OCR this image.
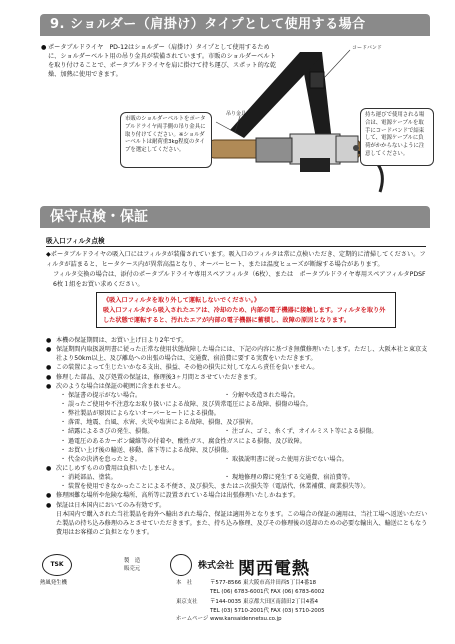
9. ショルダー（肩掛け）タイプとして使用する場合
● ポータブルドライヤ　PD-12はショルダー（肩掛け）タイプとして使用するために、ショルダーベルト用の吊り金具が装備されています。市販のショルダーベルトを取り付けることで、ポータブルドライヤを肩に掛けて持ち運び、スポット的な乾燥、加熱に使用できます。
コードバンド
吊り金具
市販のショルダーベルトをポータブルドライヤ両手側の吊り金具に取り付けてください。※ショルダーベルトは耐荷重3kg程度のタイプを選定してください。
持ち運びで使用される場合は、電源ケーブルを取手にコードバンドで結束して、電源ケーブルに負荷がかからないように注意してください。
保守点検・保証
吸入口フィルタ点検
◆ポータブルドライヤの吸入口にはフィルタが装備されています。吸入口のフィルタは常に点検いただき、定期的に清掃してください。フィルタが詰まると、ヒータケース内が異常高温となり、オーバーヒート、または温度ヒューズが断線する場合があります。
フィルタ交換の場合は、添付のポータブルドライヤ専用スペアフィルタ（6枚）、または　ポータブルドライヤ専用スペアフィルタPDSF　6枚１組をお買い求めください。
《吸入口フィルタを取り外して運転しないでください。》
吸入口フィルタから吸入されたエアは、冷却のため、内部の電子機器に接触します。フィルタを取り外した状態で運転すると、汚れたエアが内部の電子機器に蓄積し、故障の原因となります。
● 本機の保証期間は、お買い上げ日より2年です。
● 保証期間内取扱説明書に従った正常な使用状態故障した場合には、下記の内容に基づき無償修理いたします。ただし、大阪本社と東京支社より50km以上、及び離島への出張の場合は、交通費、宿泊費に要する実費をいただきます。
● この装置によって生じたいかなる支出、損益、その他の損失に対してなんら責任を負いません。
● 修理した部品、及び処置の保証は、修理後3ヶ月間とさせていただきます。
● 次のような場合は保証の範囲に含まれません。
・ 保証書の提示がない場合。	・ 分解や改造された場合。
・ 誤ったご使用や不注意なお取り扱いによる故障、及び異常電圧による故障、損傷の場合。
・ 弊社製品が原因によらないオーバーヒートによる損傷。
・ 落雷、地震、台風、水害、火災や塩害による故障、損傷、及び損害。
・ 結露によるさびの発生、損傷。	・ 注ゴム、ゴミ、糸くず、オイルミスト等による損傷。
・ 過電圧のあるカーボン繊維等の付着や、酸性ガス、腐食性ガスによる損傷、及び故障。
・ お買い上げ後の輸送、移動、落下等による故障、及び損傷。
・ 代金の決済を怠ったとき。	・ 取扱説明書に従った使用方法でない場合。
● 次にしめすものの費用は負担いたしません。
・ 消耗部品、塗装。	・ 現地修理の際に発生する交通費、宿泊費等。
・ 装置を使用できなかったことによる不便さ、及び損失、またはニ次損失等（電話代、休業補償、商業損失等）。
● 修理困難な場所や危険な場所、高所等に設置されている場合は出張修理いたしかねます。
● 保証は日本国内においてのみ有効です。
日本国内で購入された当社製品を海外へ輸出された場合、保証は適用外となります。この場合の保証の適用は、当社工場へ返送いただいた製品の持ち込み修理のみとさせていただきます。また、持ち込み修理、及びその修理後の返却のための必要な輸出入、輸送にともなう費用はお客様のご負担となります。
TSK
熱風発生機
製　造
販売元	株式会社 関西電熱
本　社	〒577-8566 東大阪市高井田西5丁目4番18
TEL (06) 6783-6001代 FAX (06) 6783-6002
東京支社 〒144-0035 東京都大田区南蒲田2丁目4番4
TEL (03) 5710-2001代 FAX (03) 5710-2005
ホームページ www.kansaidennetsu.co.jp
